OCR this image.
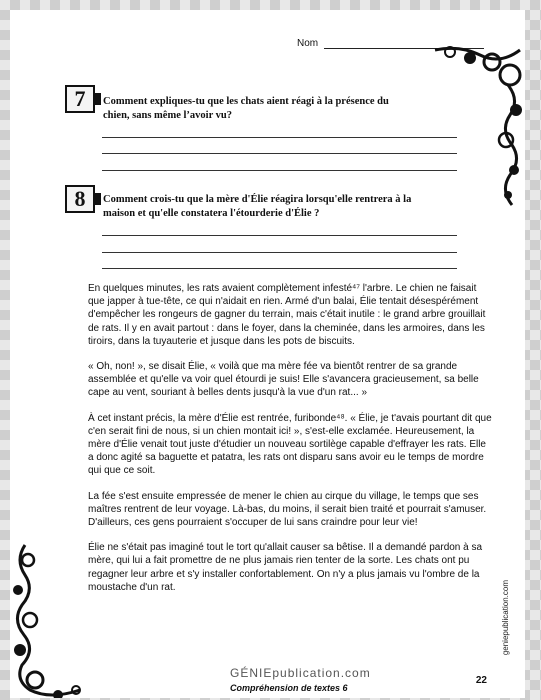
Nom
7	Comment expliques-tu que les chats aient réagi à la présence du
chien, sans même l’avoir vu?
8	Comment crois-tu que la mère d'Élie réagira lorsqu'elle rentrera à la
maison et qu'elle constatera l'étourderie d'Élie ?

En quelques minutes, les rats avaient complètement infesté⁴⁷ l'arbre. Le chien ne faisait que japper à tue-tête, ce qui n'aidait en rien. Armé d'un balai, Élie tentait désespérément d'empêcher les rongeurs de gagner du terrain, mais c'était inutile : le grand arbre grouillait de rats. Il y en avait partout : dans le foyer, dans la cheminée, dans les armoires, dans les tiroirs, dans la tuyauterie et jusque dans les pots de biscuits.

« Oh, non! », se disait Élie, « voilà que ma mère fée va bientôt rentrer de sa grande assemblée et qu'elle va voir quel étourdi je suis! Elle s'avancera gracieusement, sa belle cape au vent, souriant à belles dents jusqu'à la vue d'un rat... »

À cet instant précis, la mère d'Élie est rentrée, furibonde⁴⁸. « Élie, je t'avais pourtant dit que c'en serait fini de nous, si un chien montait ici! », s'est-elle exclamée. Heureusement, la mère d'Élie venait tout juste d'étudier un nouveau sortilège capable d'effrayer les rats. Elle a donc agité sa baguette et patatra, les rats ont disparu sans avoir eu le temps de mordre qui que ce soit.

La fée s'est ensuite empressée de mener le chien au cirque du village, le temps que ses maîtres rentrent de leur voyage. Là-bas, du moins, il serait bien traité et pourrait s'amuser. D'ailleurs, ces gens pourraient s'occuper de lui sans craindre pour leur vie!

Élie ne s'était pas imaginé tout le tort qu'allait causer sa bêtise. Il a demandé pardon à sa mère, qui lui a fait promettre de ne plus jamais rien tenter de la sorte. Les chats ont pu regagner leur arbre et s'y installer confortablement. On n'y a plus jamais vu l'ombre de la moustache d'un rat.	geniepublication.com
GÉNIEpublication.com
Compréhension de textes 6
22
